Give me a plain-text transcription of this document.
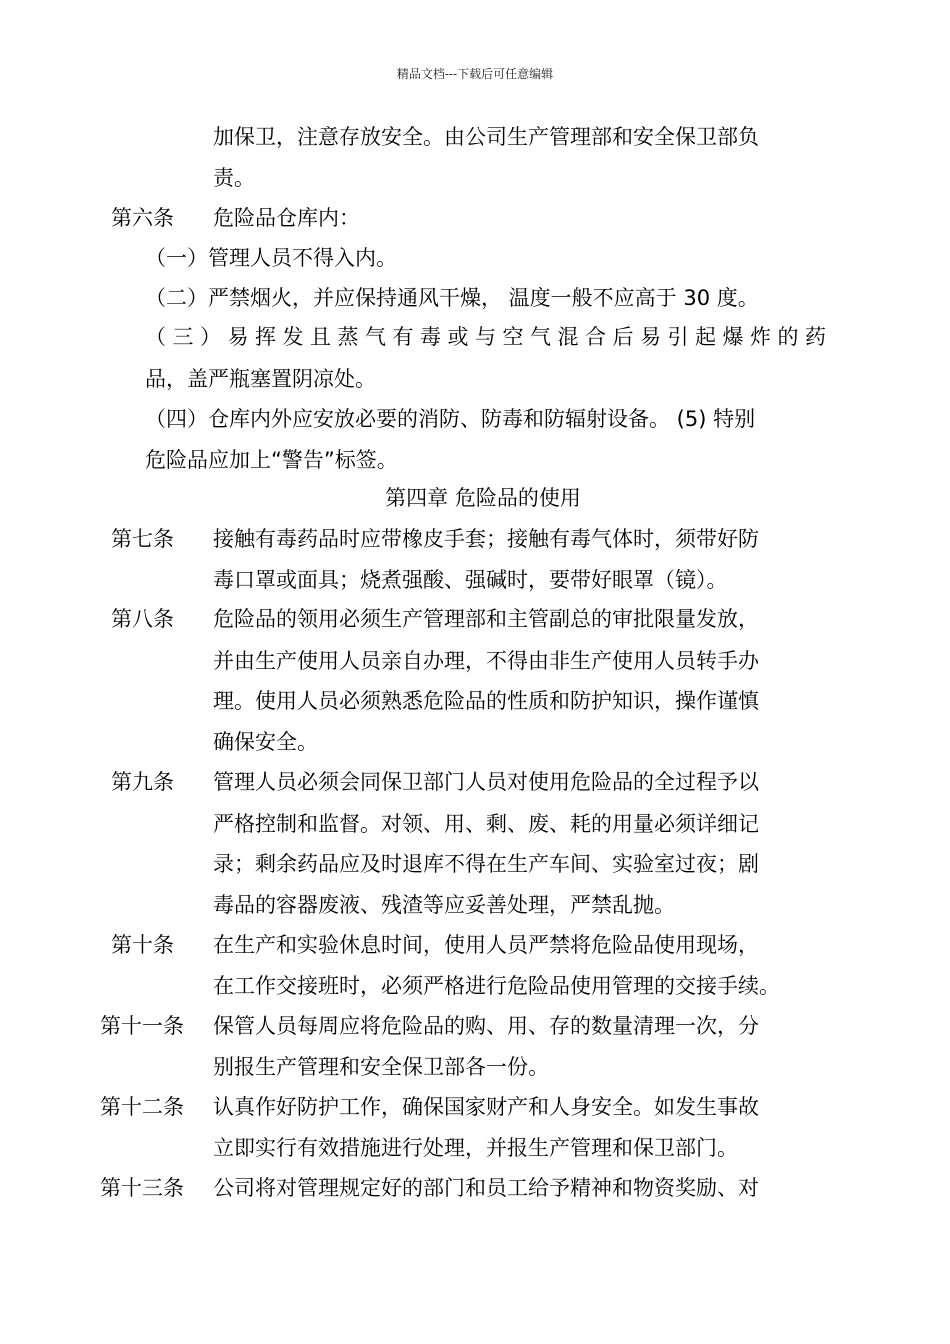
精品文档---下载后可任意编辑
加保卫，注意存放安全。由公司生产管理部和安全保卫部负
责。
第六条 危险品仓库内：
（一）管理人员不得入内。
（二）严禁烟火，并应保持通风干燥， 温度一般不应高于 30 度。
（三）易挥发且蒸气有毒或与空气混合后易引起爆炸的药
品，盖严瓶塞置阴凉处。
（四）仓库内外应安放必要的消防、防毒和防辐射设备。 (5) 特别
危险品应加上“警告”标签。
第四章 危险品的使用
第七条 接触有毒药品时应带橡皮手套；接触有毒气体时，须带好防
毒口罩或面具；烧煮强酸、强碱时，要带好眼罩（镜）。
第八条 危险品的领用必须生产管理部和主管副总的审批限量发放，
并由生产使用人员亲自办理，不得由非生产使用人员转手办
理。使用人员必须熟悉危险品的性质和防护知识，操作谨慎
确保安全。
第九条 管理人员必须会同保卫部门人员对使用危险品的全过程予以
严格控制和监督。对领、用、剩、废、耗的用量必须详细记
录；剩余药品应及时退库不得在生产车间、实验室过夜；剧
毒品的容器废液、残渣等应妥善处理，严禁乱抛。
第十条 在生产和实验休息时间，使用人员严禁将危险品使用现场，
在工作交接班时，必须严格进行危险品使用管理的交接手续。
第十一条 保管人员每周应将危险品的购、用、存的数量清理一次，分
别报生产管理和安全保卫部各一份。
第十二条 认真作好防护工作，确保国家财产和人身安全。如发生事故
立即实行有效措施进行处理，并报生产管理和保卫部门。
第十三条 公司将对管理规定好的部门和员工给予精神和物资奖励、对
